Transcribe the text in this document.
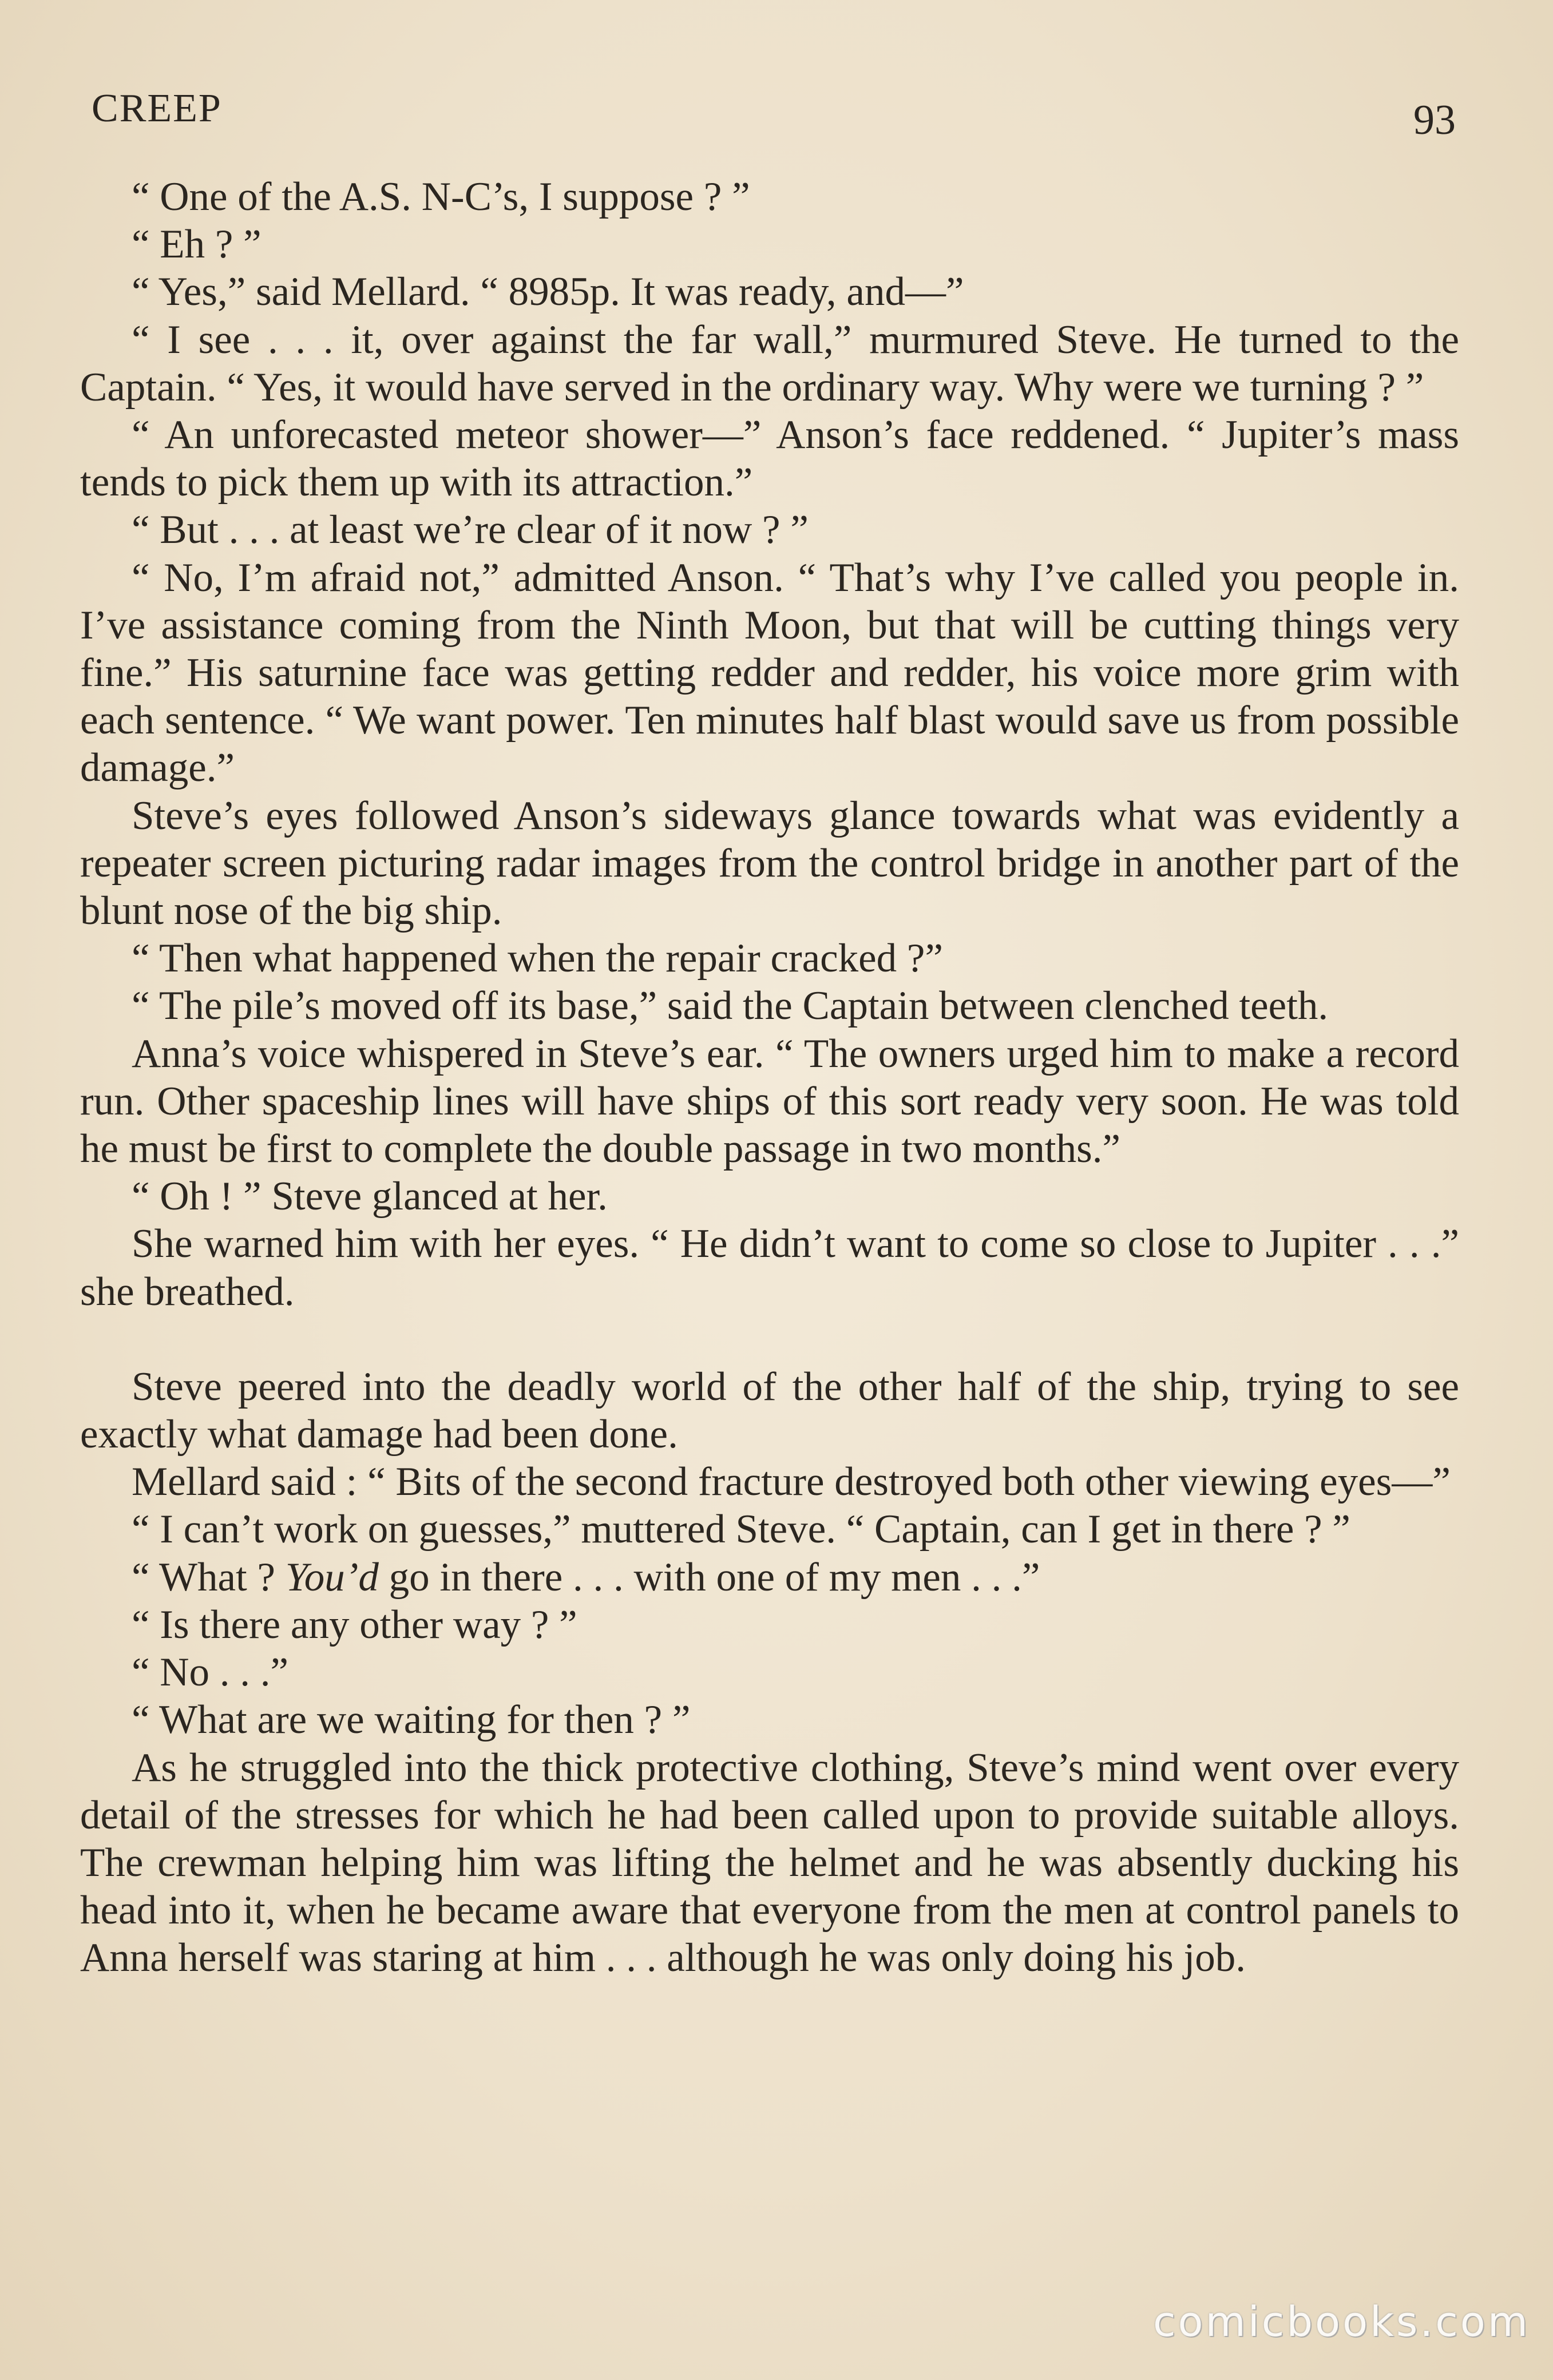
CREEP	93

“ One of the A.S. N-C’s, I suppose ? ”

“ Eh ? ”

“ Yes,” said Mellard. “ 8985p. It was ready, and—”

“ I see . . . it, over against the far wall,” murmured Steve. He turned to the Captain. “ Yes, it would have served in the ordinary way. Why were we turning ? ”

“ An unforecasted meteor shower—” Anson’s face reddened. “ Jupiter’s mass tends to pick them up with its attraction.”

“ But . . . at least we’re clear of it now ? ”

“ No, I’m afraid not,” admitted Anson. “ That’s why I’ve called you people in. I’ve assistance coming from the Ninth Moon, but that will be cutting things very fine.” His saturnine face was getting redder and redder, his voice more grim with each sentence. “ We want power. Ten minutes half blast would save us from possible damage.”

Steve’s eyes followed Anson’s sideways glance towards what was evidently a repeater screen picturing radar images from the control bridge in another part of the blunt nose of the big ship.

“ Then what happened when the repair cracked ?”

“ The pile’s moved off its base,” said the Captain between clenched teeth.

Anna’s voice whispered in Steve’s ear. “ The owners urged him to make a record run. Other spaceship lines will have ships of this sort ready very soon. He was told he must be first to complete the double passage in two months.”

“ Oh ! ” Steve glanced at her.

She warned him with her eyes. “ He didn’t want to come so close to Jupiter . . .” she breathed.

Steve peered into the deadly world of the other half of the ship, trying to see exactly what damage had been done.

Mellard said : “ Bits of the second fracture destroyed both other viewing eyes—”

“ I can’t work on guesses,” muttered Steve. “ Captain, can I get in there ? ”

“ What ? You’d go in there . . . with one of my men . . .”

“ Is there any other way ? ”

“ No . . .”

“ What are we waiting for then ? ”

As he struggled into the thick protective clothing, Steve’s mind went over every detail of the stresses for which he had been called upon to provide suitable alloys. The crewman helping him was lifting the helmet and he was absently ducking his head into it, when he became aware that everyone from the men at control panels to Anna herself was staring at him . . . although he was only doing his job.

comicbooks.com
